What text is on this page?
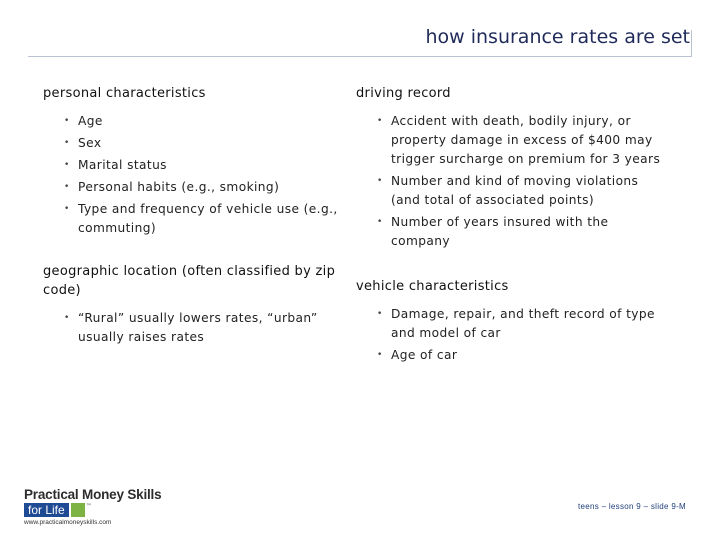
how insurance rates are set
personal characteristics
• Age
• Sex
• Marital status
• Personal habits (e.g., smoking)
• Type and frequency of vehicle use (e.g., commuting)
geographic location (often classified by zip code)
• “Rural” usually lowers rates, “urban” usually raises rates
driving record
• Accident with death, bodily injury, or property damage in excess of $400 may trigger surcharge on premium for 3 years
• Number and kind of moving violations (and total of associated points)
• Number of years insured with the company
vehicle characteristics
• Damage, repair, and theft record of type and model of car
• Age of car
Practical Money Skills
for Life	™
www.practicalmoneyskills.com
teens – lesson 9 – slide 9-M
